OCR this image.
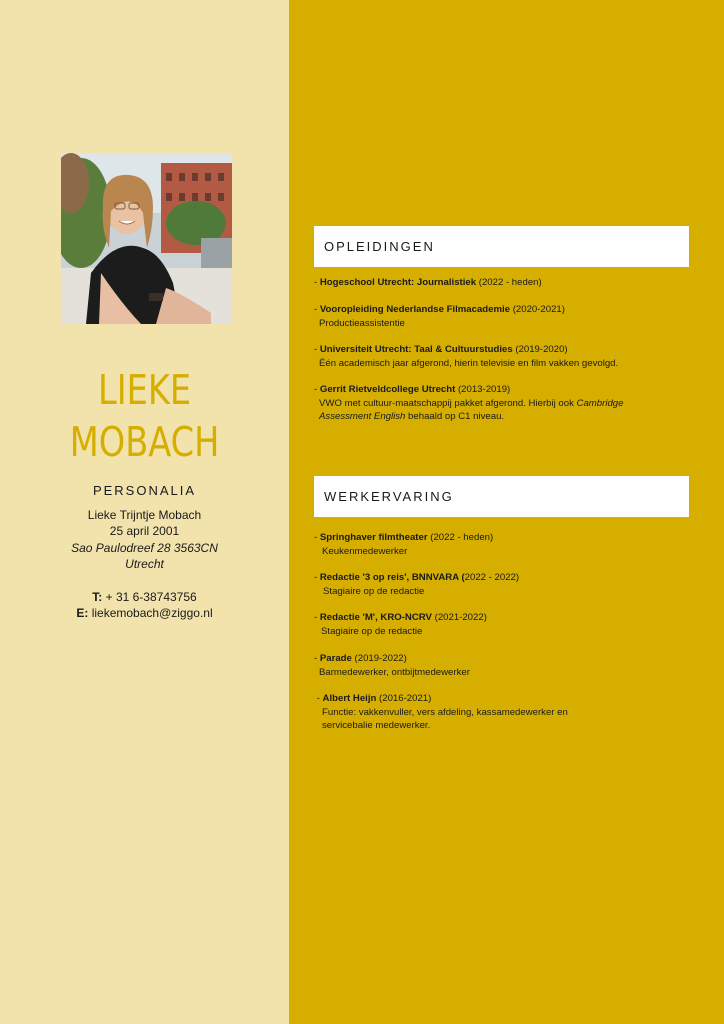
LIEKE
MOBACH
PERSONALIA
Lieke Trijntje Mobach
25 april 2001
Sao Paulodreef 28 3563CN
Utrecht
T: + 31 6-38743756
E: liekemobach@ziggo.nl
OPLEIDINGEN
- Hogeschool Utrecht: Journalistiek (2022 - heden)
- Vooropleiding Nederlandse Filmacademie (2020-2021)
Productieassistentie
- Universiteit Utrecht: Taal & Cultuurstudies (2019-2020)
Één academisch jaar afgerond, hierin televisie en film vakken gevolgd.
- Gerrit Rietveldcollege Utrecht (2013-2019)
VWO met cultuur-maatschappij pakket afgerond. Hierbij ook Cambridge
Assessment English behaald op C1 niveau.
WERKERVARING
- Springhaver filmtheater (2022 - heden)
Keukenmedewerker
- Redactie '3 op reis', BNNVARA (2022 - 2022)
Stagiaire op de redactie
- Redactie 'M', KRO-NCRV (2021-2022)
Stagiaire op de redactie
- Parade (2019-2022)
Barmedewerker, ontbijtmedewerker
- Albert Heijn (2016-2021)
Functie: vakkenvuller, vers afdeling, kassamedewerker en
servicebalie medewerker.
